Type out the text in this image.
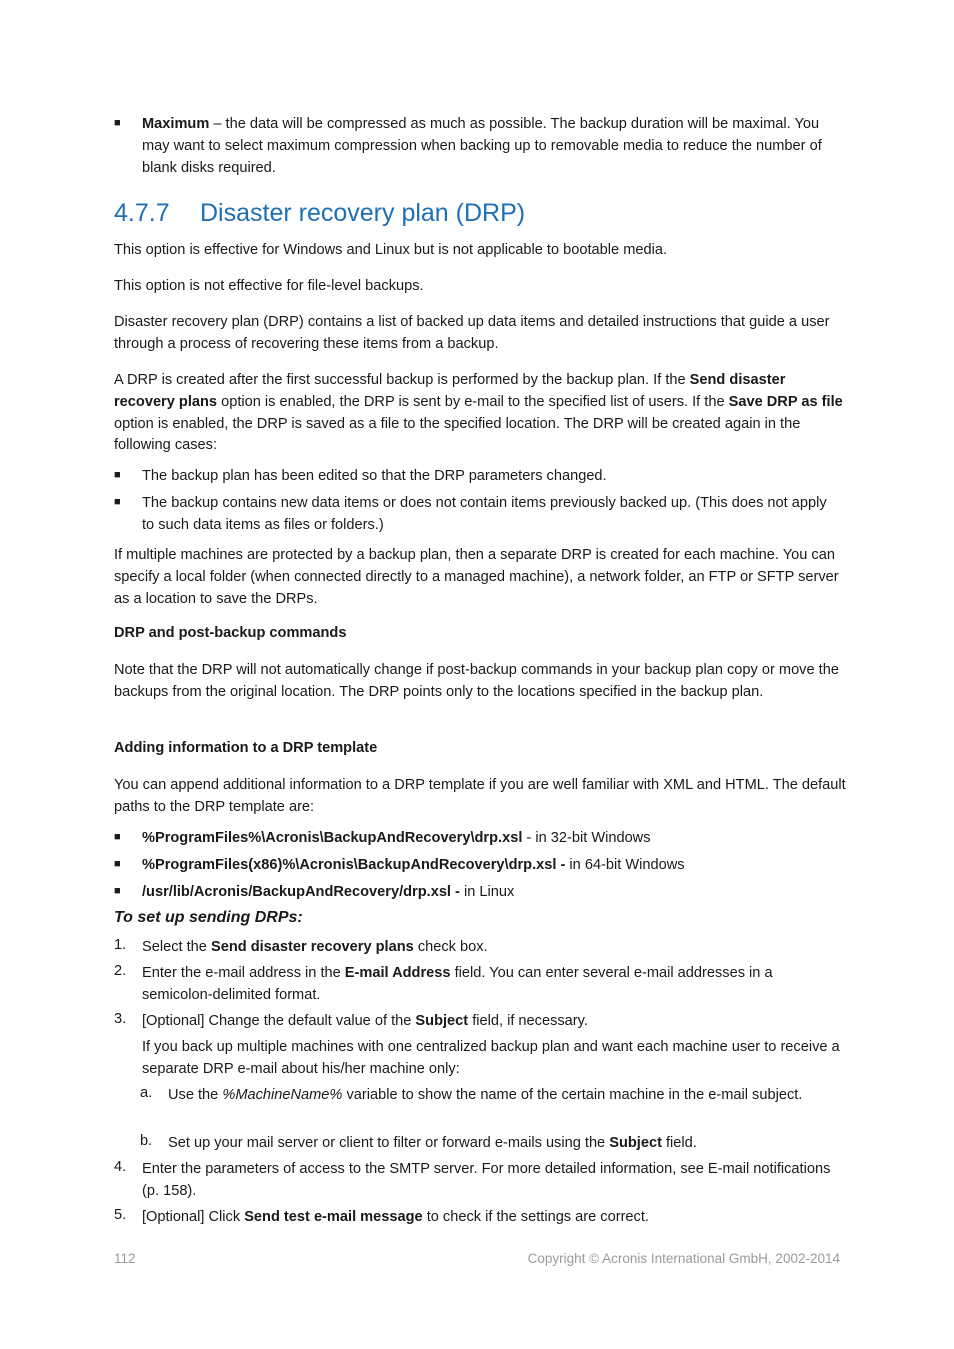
■ Maximum – the data will be compressed as much as possible. The backup duration will be maximal. You may want to select maximum compression when backing up to removable media to reduce the number of blank disks required.
4.7.7 Disaster recovery plan (DRP)
This option is effective for Windows and Linux but is not applicable to bootable media.
This option is not effective for file-level backups.
Disaster recovery plan (DRP) contains a list of backed up data items and detailed instructions that guide a user through a process of recovering these items from a backup.
A DRP is created after the first successful backup is performed by the backup plan. If the Send disaster recovery plans option is enabled, the DRP is sent by e-mail to the specified list of users. If the Save DRP as file option is enabled, the DRP is saved as a file to the specified location. The DRP will be created again in the following cases:
■ The backup plan has been edited so that the DRP parameters changed.
■ The backup contains new data items or does not contain items previously backed up. (This does not apply to such data items as files or folders.)
If multiple machines are protected by a backup plan, then a separate DRP is created for each machine. You can specify a local folder (when connected directly to a managed machine), a network folder, an FTP or SFTP server as a location to save the DRPs.
DRP and post-backup commands
Note that the DRP will not automatically change if post-backup commands in your backup plan copy or move the backups from the original location. The DRP points only to the locations specified in the backup plan.
Adding information to a DRP template
You can append additional information to a DRP template if you are well familiar with XML and HTML. The default paths to the DRP template are:
■ %ProgramFiles%\Acronis\BackupAndRecovery\drp.xsl - in 32-bit Windows
■ %ProgramFiles(x86)%\Acronis\BackupAndRecovery\drp.xsl - in 64-bit Windows
■ /usr/lib/Acronis/BackupAndRecovery/drp.xsl - in Linux
To set up sending DRPs:
1. Select the Send disaster recovery plans check box.
2. Enter the e-mail address in the E-mail Address field. You can enter several e-mail addresses in a semicolon-delimited format.
3. [Optional] Change the default value of the Subject field, if necessary.
If you back up multiple machines with one centralized backup plan and want each machine user to receive a separate DRP e-mail about his/her machine only:
a. Use the %MachineName% variable to show the name of the certain machine in the e-mail subject.
b. Set up your mail server or client to filter or forward e-mails using the Subject field.
4. Enter the parameters of access to the SMTP server. For more detailed information, see E-mail notifications (p. 158).
5. [Optional] Click Send test e-mail message to check if the settings are correct.
112	Copyright © Acronis International GmbH, 2002-2014
